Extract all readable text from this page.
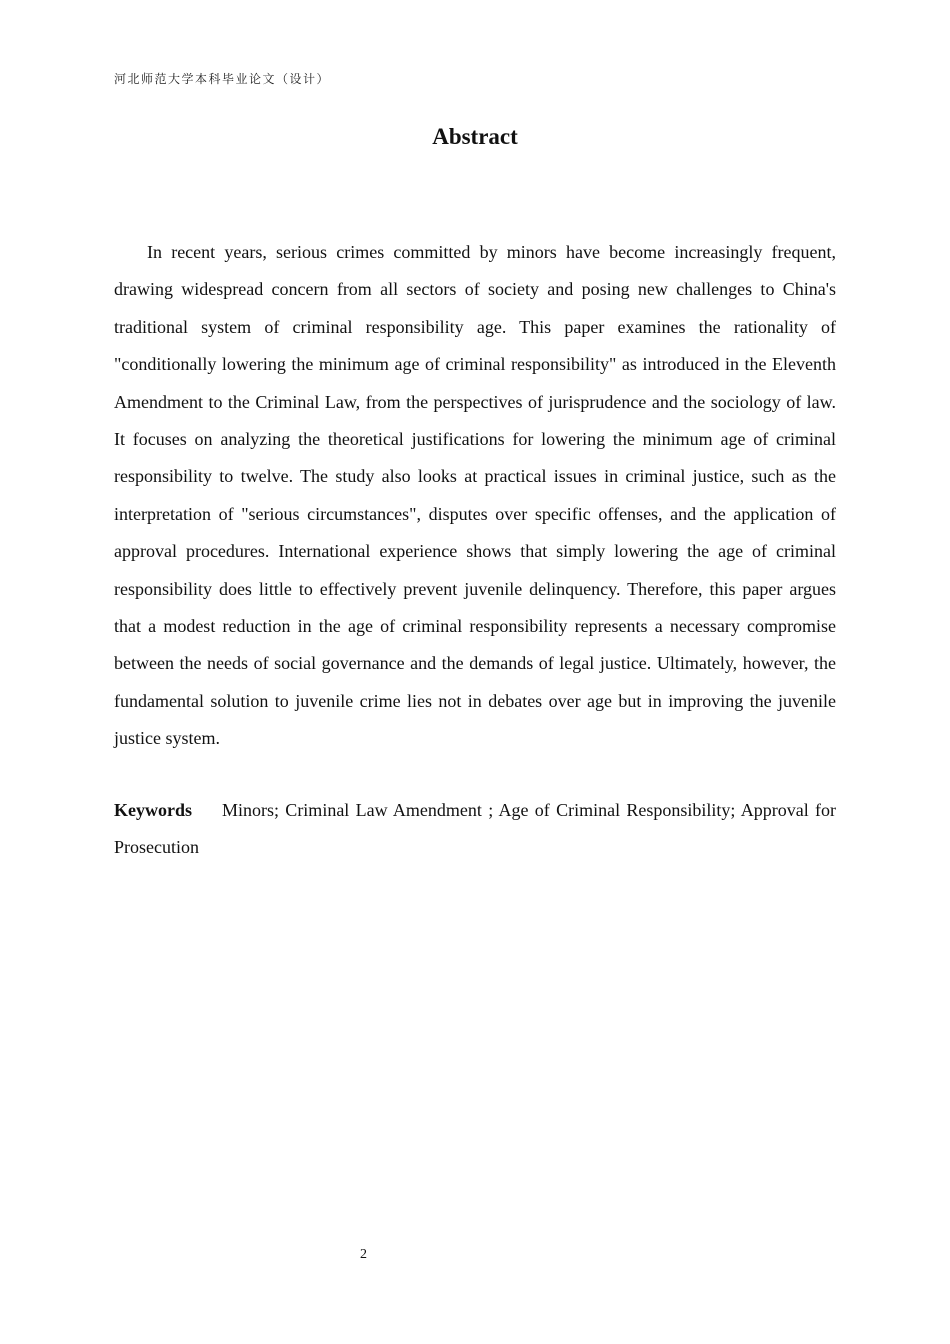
河北师范大学本科毕业论文（设计）
Abstract

In recent years, serious crimes committed by minors have become increasingly frequent, drawing widespread concern from all sectors of society and posing new challenges to China's traditional system of criminal responsibility age. This paper examines the rationality of "conditionally lowering the minimum age of criminal responsibility" as introduced in the Eleventh Amendment to the Criminal Law, from the perspectives of jurisprudence and the sociology of law. It focuses on analyzing the theoretical justifications for lowering the minimum age of criminal responsibility to twelve. The study also looks at practical issues in criminal justice, such as the interpretation of "serious circumstances", disputes over specific offenses, and the application of approval procedures. International experience shows that simply lowering the age of criminal responsibility does little to effectively prevent juvenile delinquency. Therefore, this paper argues that a modest reduction in the age of criminal responsibility represents a necessary compromise between the needs of social governance and the demands of legal justice. Ultimately, however, the fundamental solution to juvenile crime lies not in debates over age but in improving the juvenile justice system.

Keywords Minors; Criminal Law Amendment ; Age of Criminal Responsibility; Approval for Prosecution

2
